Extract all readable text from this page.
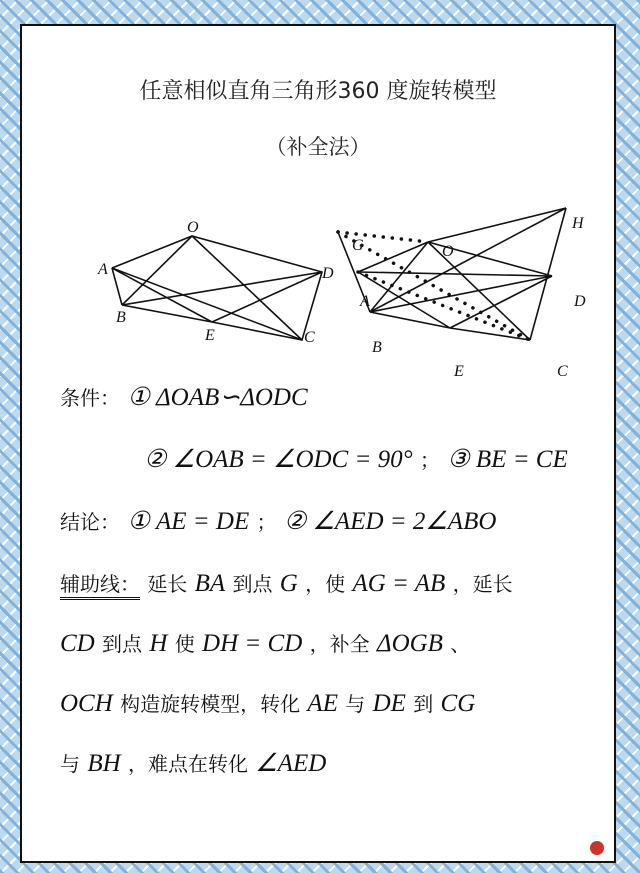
任意相似直角三角形360 度旋转模型
（补全法）
O
A	D
B
E	C
G
H
O
A	D
B
E	C
条件： ① ΔOAB∽ΔODC
② ∠OAB = ∠ODC = 90° ； ③ BE = CE
结论： ① AE = DE ； ② ∠AED = 2∠ABO
辅助线： 延长 BA 到点 G ，使 AG = AB ，延长
CD 到点 H 使 DH = CD ，补全 ΔOGB 、
OCH 构造旋转模型，转化 AE 与 DE 到 CG
与 BH ，难点在转化 ∠AED
